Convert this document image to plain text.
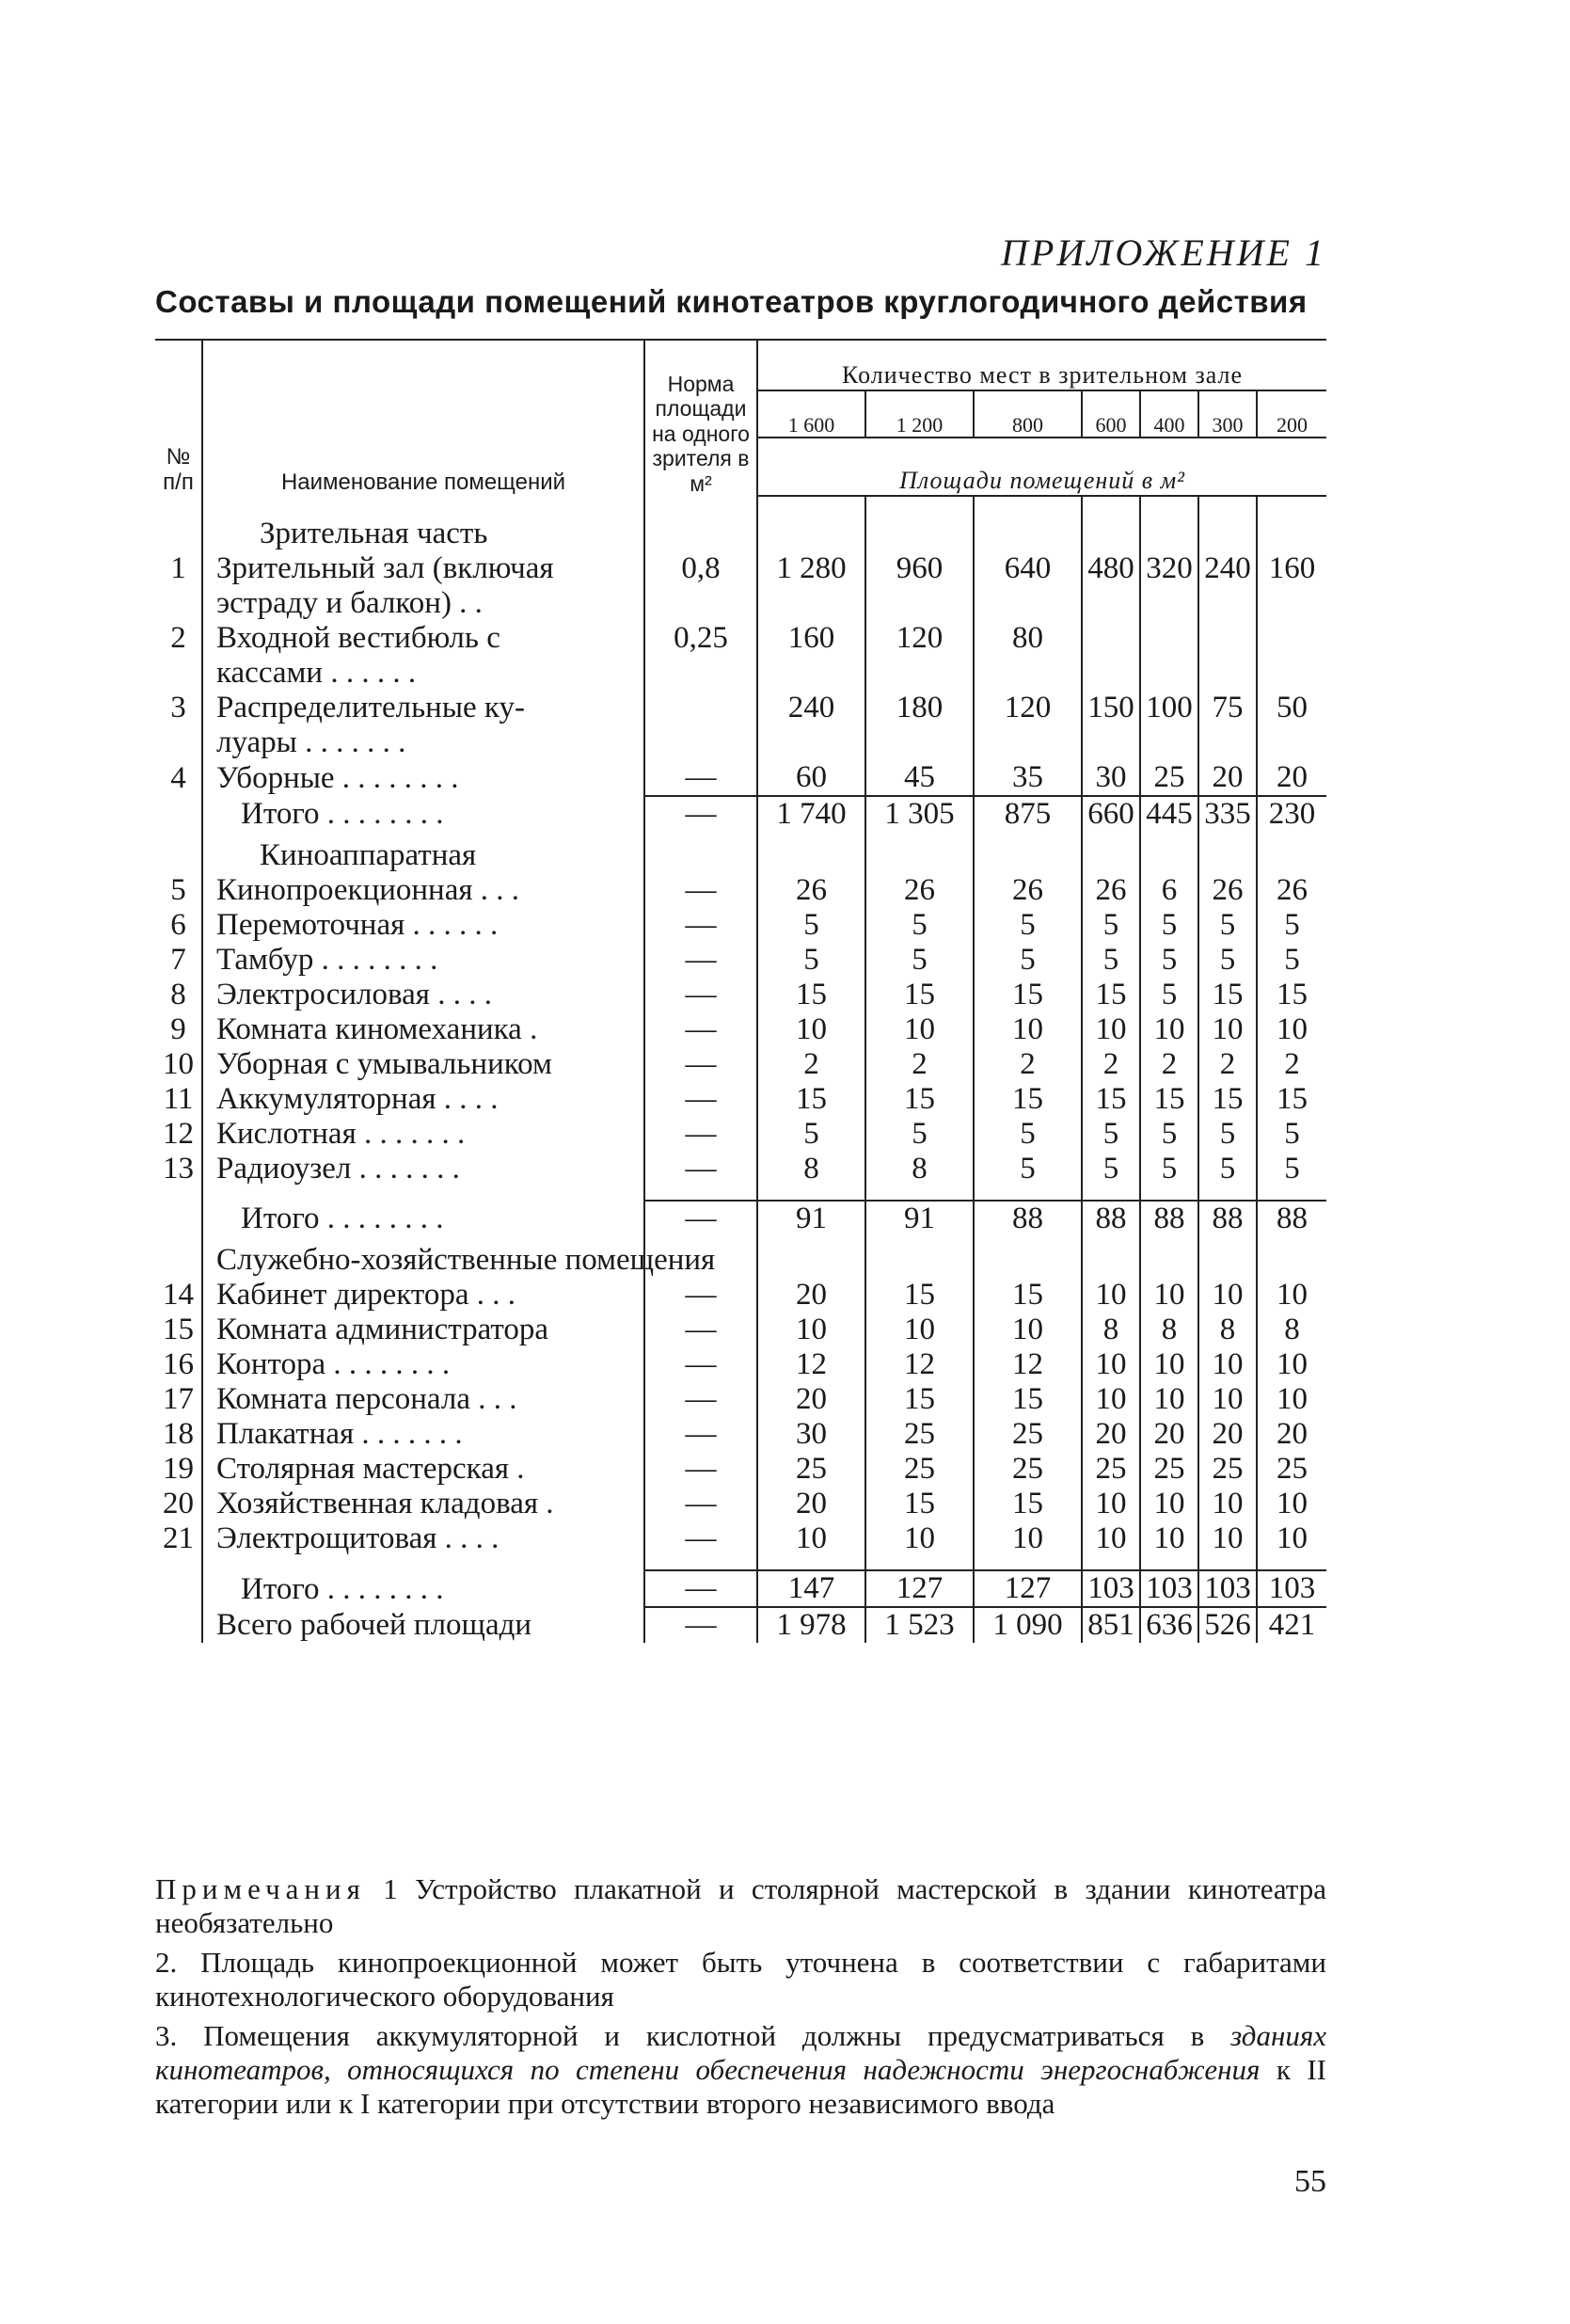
ПРИЛОЖЕНИЕ 1
Составы и площади помещений кинотеатров круглогодичного действия
№ п/п	Наименование помещений	Норма площади на одного зрителя в м²	Количество мест в зрительном зале						
			1 600	1 200	800	600	400	300	200
			Площади помещений в м²						

	Зрительная часть								
1	Зрительный зал (включая	0,8	1 280	960	640	480	320	240	160
	эстраду и балкон) . .								
2	Входной вестибюль с	0,25	160	120	80				
	кассами . . . . . .								
3	Распределительные ку-		240	180	120	150	100	75	50
	луары . . . . . . .								
4	Уборные . . . . . . . .	—	60	45	35	30	25	20	20
	Итого . . . . . . . .	—	1 740	1 305	875	660	445	335	230
	Киноаппаратная								
5	Кинопроекционная . . .	—	26	26	26	26	6	26	26
6	Перемоточная . . . . . .	—	5	5	5	5	5	5	5
7	Тамбур . . . . . . . .	—	5	5	5	5	5	5	5
8	Электросиловая . . . .	—	15	15	15	15	5	15	15
9	Комната киномеханика .	—	10	10	10	10	10	10	10
10	Уборная с умывальником	—	2	2	2	2	2	2	2
11	Аккумуляторная . . . .	—	15	15	15	15	15	15	15
12	Кислотная . . . . . . .	—	5	5	5	5	5	5	5
13	Радиоузел . . . . . . .	—	8	8	5	5	5	5	5

	Итого . . . . . . . .	—	91	91	88	88	88	88	88
	Служебно-хозяйственные помещения								
14	Кабинет директора . . .	—	20	15	15	10	10	10	10
15	Комната администратора	—	10	10	10	8	8	8	8
16	Контора . . . . . . . .	—	12	12	12	10	10	10	10
17	Комната персонала . . .	—	20	15	15	10	10	10	10
18	Плакатная . . . . . . .	—	30	25	25	20	20	20	20
19	Столярная мастерская .	—	25	25	25	25	25	25	25
20	Хозяйственная кладовая .	—	20	15	15	10	10	10	10
21	Электрощитовая . . . .	—	10	10	10	10	10	10	10

	Итого . . . . . . . .	—	147	127	127	103	103	103	103
	Всего рабочей площади	—	1 978	1 523	1 090	851	636	526	421

Примечания 1 Устройство плакатной и столярной мастерской в здании кинотеатра необязательно

2. Площадь кинопроекционной может быть уточнена в соответствии с габаритами кинотехнологического оборудования

3. Помещения аккумуляторной и кислотной должны предусматриваться в зданиях кинотеатров, относящихся по степени обеспечения надежности энергоснабжения к II категории или к I категории при отсутствии второго независимого ввода

55
